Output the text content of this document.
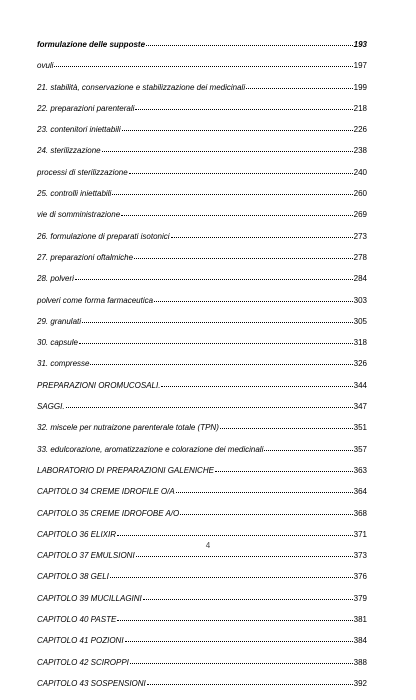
formulazione delle supposte	193
ovuli	197
21. stabilità, conservazione e stabilizzazione dei medicinali	199
22. preparazioni parenterali	218
23. contenitori iniettabili	226
24. sterilizzazione	238
processi di sterilizzazione	240
25. controlli iniettabili	260
vie di somministrazione	269
26. formulazione di preparati isotonici	273
27. preparazioni oftalmiche	278
28. polveri	284
polveri come forma farmaceutica	303
29. granulati	305
30. capsule	318
31. compresse	326
PREPARAZIONI OROMUCOSALI.	344
SAGGI.	347
32. miscele per nutraizone parenterale totale (TPN)	351
33. edulcorazione, aromatizzazione e colorazione dei medicinali	357
LABORATORIO DI PREPARAZIONI GALENICHE	363
CAPITOLO 34 CREME IDROFILE O/A	364
CAPITOLO 35 CREME IDROFOBE A/O	368
CAPITOLO 36 ELIXIR	371
CAPITOLO 37 EMULSIONI	373
CAPITOLO 38 GELI	376
CAPITOLO 39 MUCILLAGINI	379
CAPITOLO 40 PASTE	381
CAPITOLO 41 POZIONI	384
CAPITOLO 42 SCIROPPI	388
CAPITOLO 43 SOSPENSIONI	392
4
